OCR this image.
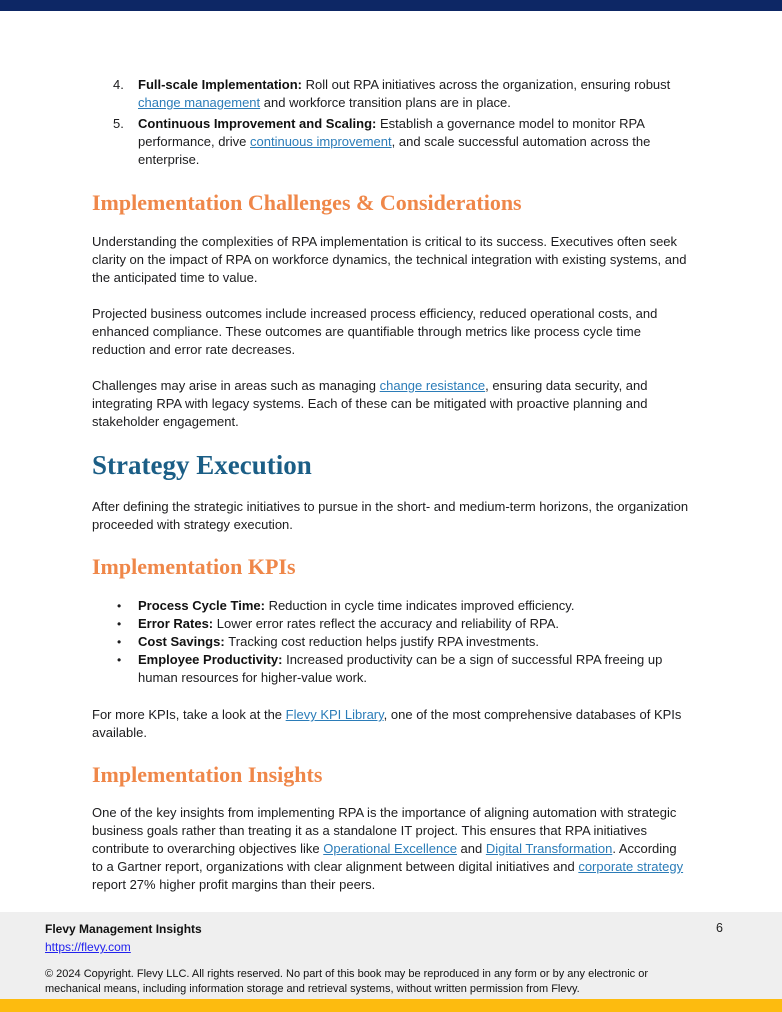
4.	Full-scale Implementation: Roll out RPA initiatives across the organization, ensuring robust change management and workforce transition plans are in place.
5.	Continuous Improvement and Scaling: Establish a governance model to monitor RPA performance, drive continuous improvement, and scale successful automation across the enterprise.
Implementation Challenges & Considerations

Understanding the complexities of RPA implementation is critical to its success. Executives often seek clarity on the impact of RPA on workforce dynamics, the technical integration with existing systems, and the anticipated time to value.

Projected business outcomes include increased process efficiency, reduced operational costs, and enhanced compliance. These outcomes are quantifiable through metrics like process cycle time reduction and error rate decreases.

Challenges may arise in areas such as managing change resistance, ensuring data security, and integrating RPA with legacy systems. Each of these can be mitigated with proactive planning and stakeholder engagement.

Strategy Execution

After defining the strategic initiatives to pursue in the short- and medium-term horizons, the organization proceeded with strategy execution.

Implementation KPIs
•	Process Cycle Time: Reduction in cycle time indicates improved efficiency.
•	Error Rates: Lower error rates reflect the accuracy and reliability of RPA.
•	Cost Savings: Tracking cost reduction helps justify RPA investments.
•	Employee Productivity: Increased productivity can be a sign of successful RPA freeing up human resources for higher-value work.

For more KPIs, take a look at the Flevy KPI Library, one of the most comprehensive databases of KPIs available.

Implementation Insights

One of the key insights from implementing RPA is the importance of aligning automation with strategic business goals rather than treating it as a standalone IT project. This ensures that RPA initiatives contribute to overarching objectives like Operational Excellence and Digital Transformation. According to a Gartner report, organizations with clear alignment between digital initiatives and corporate strategy report 27% higher profit margins than their peers.

Flevy Management Insights
https://flevy.com
6
© 2024 Copyright. Flevy LLC. All rights reserved. No part of this book may be reproduced in any form or by any electronic or mechanical means, including information storage and retrieval systems, without written permission from Flevy.
